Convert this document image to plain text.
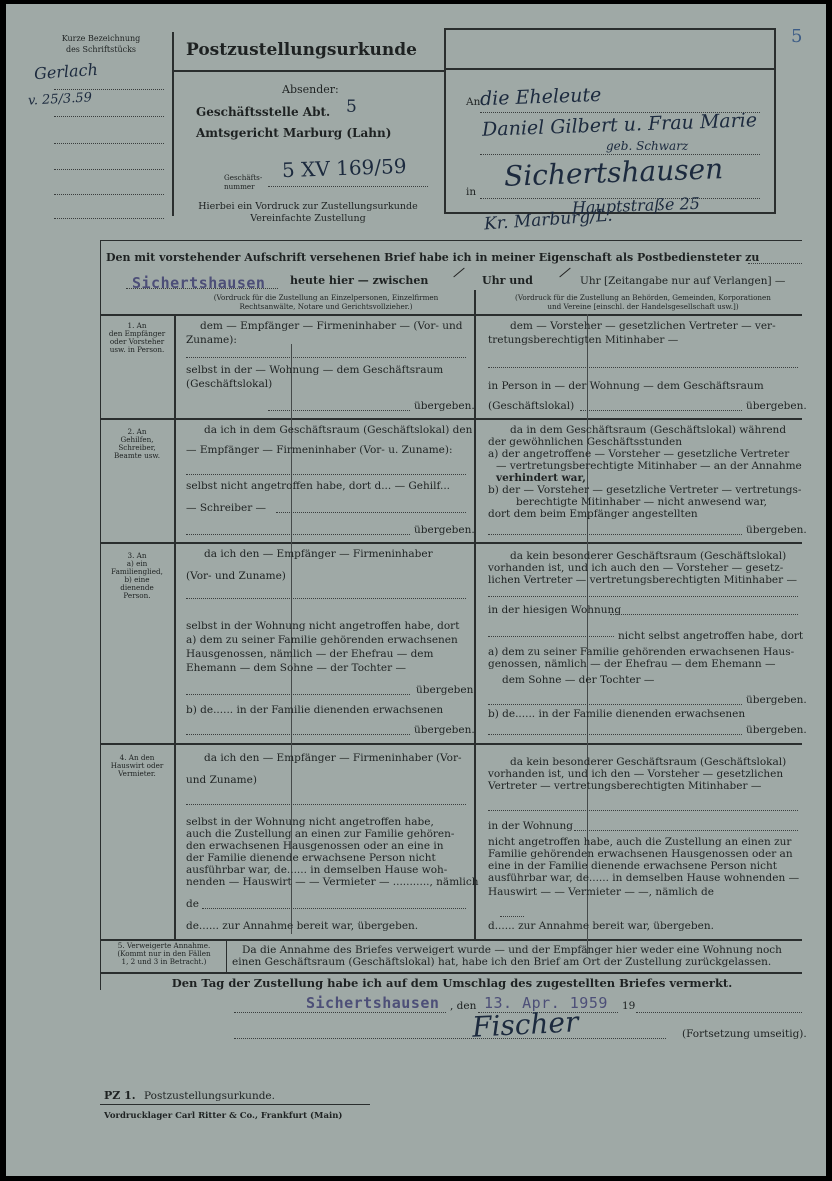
Kurze Bezeichnung
des Schriftstücks
Gerlach
v. 25/3.59
Postzustellungsurkunde
5
Absender:
Geschäftsstelle Abt. 5
Amtsgericht Marburg (Lahn)
Geschäfts-
nummer
5 XV 169/59
Hierbei ein Vordruck zur Zustellungsurkunde
Vereinfachte Zustellung
An die Eheleute
Daniel Gilbert u. Frau Marie
geb. Schwarz
in Sichertshausen
Hauptstraße 25
Kr. Marburg/L.
Den mit vorstehender Aufschrift versehenen Brief habe ich in meiner Eigenschaft als Postbediensteter zu
Sichertshausen heute hier — zwischen	Uhr und	Uhr [Zeitangabe nur auf Verlangen] —
(Vordruck für die Zustellung an Einzelpersonen, Einzelfirmen
Rechtsanwälte, Notare und Gerichtsvollzieher.)
(Vordruck für die Zustellung an Behörden, Gemeinden, Korporationen
und Vereine [einschl. der Handelsgesellschaft usw.])
1. An
den Empfänger
oder Vorsteher
usw. in Person.
dem — Empfänger — Firmeninhaber — (Vor- und
Zuname):
selbst in der — Wohnung — dem Geschäftsraum
(Geschäftslokal)
übergeben.
dem — Vorsteher — gesetzlichen Vertreter — ver-
tretungsberechtigten Mitinhaber —
in Person in — der Wohnung — dem Geschäftsraum
(Geschäftslokal)	übergeben.
2. An
Gehilfen,
Schreiber,
Beamte usw.
da ich in dem Geschäftsraum (Geschäftslokal) den
— Empfänger — Firmeninhaber (Vor- u. Zuname):
selbst nicht angetroffen habe, dort d... — Gehilf...
— Schreiber —
übergeben.
da in dem Geschäftsraum (Geschäftslokal) während
der gewöhnlichen Geschäftsstunden
a) der angetroffene — Vorsteher — gesetzliche Vertreter
— vertretungsberechtigte Mitinhaber — an der Annahme
verhindert war,
b) der — Vorsteher — gesetzliche Vertreter — vertretungs-
berechtigte Mitinhaber — nicht anwesend war,
dort dem beim Empfänger angestellten
übergeben.
3. An
a) ein
Familienglied,
b) eine
dienende
Person.
da ich den — Empfänger — Firmeninhaber
(Vor- und Zuname)
selbst in der Wohnung nicht angetroffen habe, dort
a) dem zu seiner Familie gehörenden erwachsenen
Hausgenossen, nämlich — der Ehefrau — dem
Ehemann — dem Sohne — der Tochter —
übergeben
b) de...... in der Familie dienenden erwachsenen
übergeben.
da kein besonderer Geschäftsraum (Geschäftslokal)
vorhanden ist, und ich auch den — Vorsteher — gesetz-
lichen Vertreter — vertretungsberechtigten Mitinhaber —
in der hiesigen Wohnung
nicht selbst angetroffen habe, dort
a) dem zu seiner Familie gehörenden erwachsenen Haus-
genossen, nämlich — der Ehefrau — dem Ehemann —
dem Sohne — der Tochter —
übergeben.
b) de...... in der Familie dienenden erwachsenen
übergeben.
4. An den
Hauswirt oder
Vermieter.
da ich den — Empfänger — Firmeninhaber (Vor-
und Zuname)
selbst in der Wohnung nicht angetroffen habe,
auch die Zustellung an einen zur Familie gehören-
den erwachsenen Hausgenossen oder an eine in
der Familie dienende erwachsene Person nicht
ausführbar war, de...... in demselben Hause woh-
nenden — Hauswirt — — Vermieter — ..........., nämlich
de
de...... zur Annahme bereit war, übergeben.
da kein besonderer Geschäftsraum (Geschäftslokal)
vorhanden ist, und ich den — Vorsteher — gesetzlichen
Vertreter — vertretungsberechtigten Mitinhaber —
in der Wohnung
nicht angetroffen habe, auch die Zustellung an einen zur
Familie gehörenden erwachsenen Hausgenossen oder an
eine in der Familie dienende erwachsene Person nicht
ausführbar war, de...... in demselben Hause wohnenden —
Hauswirt — — Vermieter — —, nämlich de
d...... zur Annahme bereit war, übergeben.
5. Verweigerte Annahme.
(Kommt nur in den Fällen
1, 2 und 3 in Betracht.)
Da die Annahme des Briefes verweigert wurde — und der Empfänger hier weder eine Wohnung noch
einen Geschäftsraum (Geschäftslokal) hat, habe ich den Brief am Ort der Zustellung zurückgelassen.
Den Tag der Zustellung habe ich auf dem Umschlag des zugestellten Briefes vermerkt.
Sichertshausen , den 13. Apr. 1959 19
Fischer	(Fortsetzung umseitig).
PZ 1. Postzustellungsurkunde.
Vordrucklager Carl Ritter & Co., Frankfurt (Main)
